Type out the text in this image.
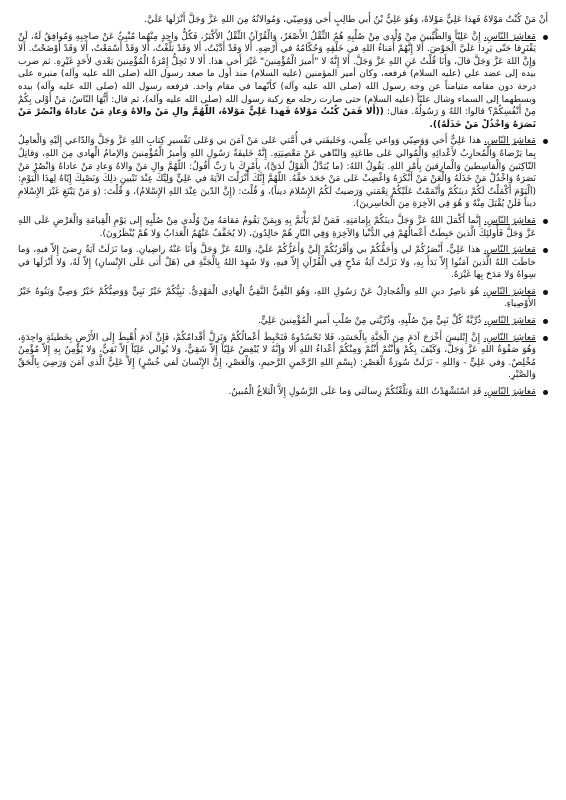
أَنْ مَنْ كُنْتُ مَوْلاهُ فَهذا عَلِيٌّ مَوْلاهُ، وَهُوَ عَلِيُّ بْنُ أَبي طالِبٍ أَخي وَوَصِيّي، وَمُوالاتُهُ مِنَ اللهِ عَزَّ وَجَلَّ أَنْزَلَها عَلَيَّ.

مَعاشِرَ النّاسِ، إِنَّ عَلِيّاً وَالطَّيِّبينَ مِنْ وُلْدي مِنْ صُلْبِهِ هُمُ الثِّقْلُ الأَصْغَرُ، وَالْقُرْآنُ الثِّقْلُ الأَكْبَرُ، فَكُلُّ واحِدٍ مِنْهُما مُنْبِئٌ عَنْ صاحِبِهِ وَمُوافِقٌ لَهُ، لَنْ يَفْتَرِقا حَتّى يَرِدا عَلَيَّ الْحَوْضَ. أَلا إِنَّهُمْ أُمَناءُ اللهِ في خَلْقِهِ وَحُكّامُهُ في أَرْضِهِ. أَلا وَقَدْ أَدَّيْتُ، أَلا وَقَدْ بَلَّغْتُ، أَلا وَقَدْ أَسْمَعْتُ، أَلا وَقَدْ أَوْضَحْتُ. أَلا وَإِنَّ اللهَ عَزَّ وَجَلَّ قالَ، وَأَنَا قُلْتُ عَنِ اللهِ عَزَّ وَجَلَّ. أَلا إِنَّهُ لا "أَميرَ الْمُؤْمِنينَ" غَيْرَ أَخي هذا. أَلا لا تَحِلُّ إِمْرَةُ الْمُؤْمِنينَ بَعْدي لأَحَدٍ غَيْرِهِ. ثم ضرب بيده إلى عضد علي (عليه السلام) فرفعه، وكان أمير المؤمنين (عليه السلام) منذ أول ما صعد رسول الله (صلى الله عليه وآله) منبره على درجة دون مقامه متيامناً عن وجه رسول الله (صلى الله عليه وآله) كأنّهما في مقام واحد. فرفعه رسول الله (صلى الله عليه وآله) بيده وبسطهما إلى السماء وشال عليّاً (عليه السلام) حتى صارت رجله مع ركبة رسول الله (صلى الله عليه وآله)، ثم قال: أَيُّهَا النّاسُ، مَنْ أَوْلى بِكُمْ مِنْ أَنْفُسِكُمْ؟ قالوا: اللهُ وَ رَسُولُهُ. فقال: ((أَلا فَمَنْ كُنْتُ مَوْلاهُ فَهذا عَلِيٌّ مَوْلاهُ، اللّهُمَّ والِ مَنْ والاهُ وَعادِ مَنْ عاداهُ وَانْصُرْ مَنْ نَصَرَهُ وَاخْذُلْ مَنْ خَذَلَهُ)).

مَعاشِرَ النّاسِ، هذا عَلِيٌّ أَخي وَوَصِيّي وَواعي عِلْمي، وَخَليفَتي في أُمَّتي عَلى مَنْ آمَنَ بي وَعَلى تَفْسيرِ كِتابِ اللهِ عَزَّ وَجَلَّ وَالدّاعي إِلَيْهِ وَالْعامِلُ بِما يَرْضاهُ وَالْمُحارِبُ لأَعْدائِهِ وَالْمُوالي عَلى طاعَتِهِ وَالنّاهي عَنْ مَعْصِيَتِهِ. إِنَّهُ خَليفَةُ رَسُولِ اللهِ وَأَميرُ الْمُؤْمِنينَ وَالإمامُ الْهادي مِنَ اللهِ، وَقاتِلُ النّاكِثينَ وَالْقاسِطينَ وَالْمارِقينَ بِأَمْرِ اللهِ. يَقُولُ اللهُ: (ما يُبَدَّلُ الْقَوْلُ لَدَيَّ)، بِأَمْرِكَ يا رَبِّ أَقُولُ: اللّهُمَّ والِ مَنْ والاهُ وَعادِ مَنْ عاداهُ وَانْصُرْ مَنْ نَصَرَهُ وَاخْذُلْ مَنْ خَذَلَهُ وَالْعَنْ مَنْ أَنْكَرَهُ وَاغْضِبْ عَلى مَنْ جَحَدَ حَقَّهُ. اللّهُمَّ إِنَّكَ أَنْزَلْتَ الآيَةَ في عَلِيٍّ وَلِيِّكَ عِنْدَ تَبْيينِ ذلِكَ وَنَصْبِكَ إِيّاهُ لِهذَا الْيَوْمِ: (اَلْيَوْمَ أَكْمَلْتُ لَكُمْ دينَكُمْ وَأَتْمَمْتُ عَلَيْكُمْ نِعْمَتي وَرَضيتُ لَكُمُ الإِسْلامَ ديناً)، وَ قُلْتَ: (إِنَّ الدّينَ عِنْدَ اللهِ الإِسْلامُ)، وَ قُلْتَ: (وَ مَنْ يَبْتَغِ غَيْرَ الإِسْلامِ ديناً فَلَنْ يُقْبَلَ مِنْهُ وَ هُوَ فِي الآخِرَةِ مِنَ الْخاسِرينَ).

مَعاشِرَ النّاسِ، إِنَّما أَكْمَلَ اللهُ عَزَّ وَجَلَّ دينَكُمْ بِإِمامَتِهِ. فَمَنْ لَمْ يَأْتَمَّ بِهِ وَبِمَنْ يَقُومُ مَقامَهُ مِنْ وُلْدي مِنْ صُلْبِهِ إِلى يَوْمِ الْقِيامَةِ وَالْعَرْضِ عَلَى اللهِ عَزَّ وَجَلَّ فَأُولئِكَ الَّذينَ حَبِطَتْ أَعْمالُهُمْ فِي الدُّنْيا وَالآخِرَةِ وَفِي النّارِ هُمْ خالِدُونَ، (لا يُخَفَّفُ عَنْهُمُ الْعَذابُ وَلا هُمْ يُنْظَرُونَ).

مَعاشِرَ النّاسِ، هذا عَلِيٌّ، أَنْصَرُكُمْ لي وَأَحَقُّكُمْ بي وَأَقْرَبُكُمْ إِلَيَّ وَأَعَزُّكُمْ عَلَيَّ، وَاللهُ عَزَّ وَجَلَّ وَأَنَا عَنْهُ راضِيانِ. وَما نَزَلَتْ آيَةُ رِضىً إِلاّ فيهِ، وَما خاطَبَ اللهُ الَّذينَ آمَنُوا إِلاّ بَدَأَ بِهِ، وَلا نَزَلَتْ آيَةُ مَدْحٍ فِي الْقُرْآنِ إِلاّ فيهِ، وَلا شَهِدَ اللهُ بِالْجَنَّةِ في (هَلْ أَتى عَلَى الإِنْسانِ) إِلاّ لَهُ، وَلا أَنْزَلَها في سِواهُ وَلا مَدَحَ بِها غَيْرَهُ.

مَعاشِرَ النّاسِ، هُوَ ناصِرُ دينِ اللهِ وَالْمُجادِلُ عَنْ رَسُولِ اللهِ، وَهُوَ التَّقِيُّ النَّقِيُّ الْهادِي الْمَهْدِيُّ. نَبِيُّكُمْ خَيْرُ نَبِيٍّ وَوَصِيُّكُمْ خَيْرُ وَصِيٍّ وَبَنُوهُ خَيْرُ الأَوْصِياءِ.

مَعاشِرَ النّاسِ، ذُرِّيَّةُ كُلِّ نَبِيٍّ مِنْ صُلْبِهِ، وَذُرِّيَّتي مِنْ صُلْبِ أَميرِ الْمُؤْمِنينَ عَلِيٍّ.

مَعاشِرَ النّاسِ، إِنَّ إِبْليسَ أَخْرَجَ آدَمَ مِنَ الْجَنَّةِ بِالْحَسَدِ، فَلا تَحْسُدُوهُ فَتَحْبِطَ أَعْمالُكُمْ وَتَزِلَّ أَقْدامُكُمْ، فَإِنَّ آدَمَ أُهْبِطَ إِلَى الأَرْضِ بِخَطيئَةٍ واحِدَةٍ، وَهُوَ صَفْوَةُ اللهِ عَزَّ وَجَلَّ، وَكَيْفَ بِكُمْ وَأَنْتُمْ أَنْتُمْ وَمِنْكُمْ أَعْداءُ اللهِ أَلا وَإِنَّهُ لا يُبْغِضُ عَلِيّاً إِلاّ شَقِيٌّ، وَلا يُوالي عَلِيّاً إِلاّ تَقِيٌّ، وَلا يُؤْمِنُ بِهِ إِلاّ مُؤْمِنٌ مُخْلِصٌ. وَفي عَلِيٍّ - وَاللهِ - نَزَلَتْ سُورَةُ الْعَصْرِ: (بِسْمِ اللهِ الرَّحْمنِ الرَّحيمِ، وَالْعَصْرِ، إِنَّ الإِنْسانَ لَفي خُسْرٍ) إِلاّ عَلِيٌّ الَّذي آمَنَ وَرَضِيَ بِالْحَقِّ وَالصَّبْرِ.

مَعاشِرَ النّاسِ، قَدِ اسْتَشْهَدْتُ اللهَ وَبَلَّغْتُكُمْ رِسالَتي وَما عَلَى الرَّسُولِ إِلاَّ الْبَلاغُ الْمُبينُ.
